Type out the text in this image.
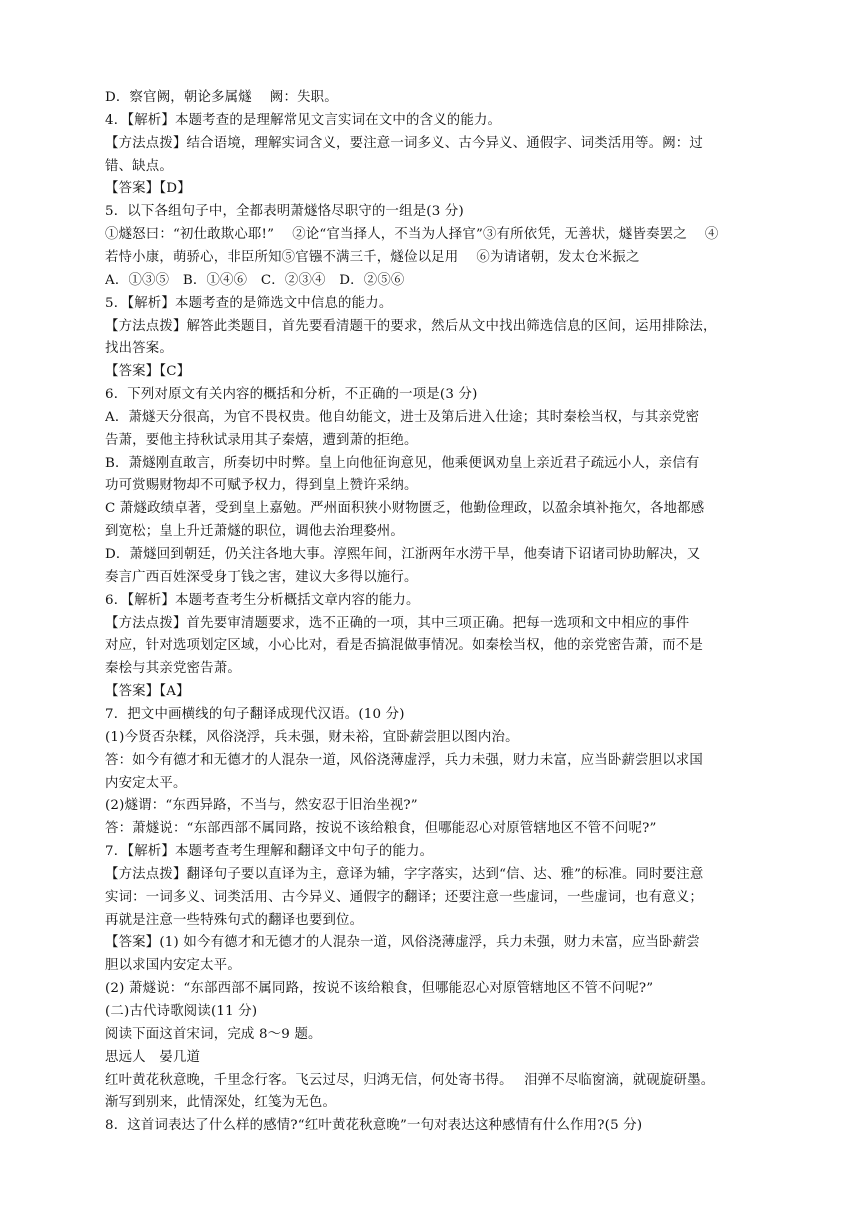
D．察官阙，朝论多属燧　 阙：失职。
4．【解析】本题考查的是理解常见文言实词在文中的含义的能力。
【方法点拨】结合语境，理解实词含义，要注意一词多义、古今异义、通假字、词类活用等。阙：过
错、缺点。
【答案】【D】
5．以下各组句子中，全都表明萧燧恪尽职守的一组是(3 分)
①燧怒曰：“初仕敢欺心耶!”　 ②论“官当择人，不当为人择官”③有所依凭，无善状，燧皆奏罢之　 ④
若恃小康，萌骄心，非臣所知⑤官镪不满三千，燧俭以足用　 ⑥为请诸朝，发太仓米振之
A．①③⑤　B．①④⑥　C．②③④　D．②⑤⑥
5．【解析】本题考查的是筛选文中信息的能力。
【方法点拨】解答此类题目，首先要看清题干的要求，然后从文中找出筛选信息的区间，运用排除法，
找出答案。
【答案】【C】
6．下列对原文有关内容的概括和分析，不正确的一项是(3 分)
A．萧燧天分很高，为官不畏权贵。他自幼能文，进士及第后进入仕途；其时秦桧当权，与其亲党密
告萧，要他主持秋试录用其子秦熺，遭到萧的拒绝。
B．萧燧刚直敢言，所奏切中时弊。皇上向他征询意见，他乘便讽劝皇上亲近君子疏远小人，亲信有
功可赏赐财物却不可赋予权力，得到皇上赞许采纳。
C 萧燧政绩卓著，受到皇上嘉勉。严州面积狭小财物匮乏，他勤俭理政，以盈余填补拖欠，各地都感
到宽松；皇上升迁萧燧的职位，调他去治理婺州。
D．萧燧回到朝廷，仍关注各地大事。淳熙年间，江浙两年水涝干旱，他奏请下诏诸司协助解决，又
奏言广西百姓深受身丁钱之害，建议大多得以施行。
6．【解析】本题考查考生分析概括文章内容的能力。
【方法点拨】首先要审清题要求，选不正确的一项，其中三项正确。把每一选项和文中相应的事件
对应，针对选项划定区域，小心比对，看是否搞混做事情况。如秦桧当权，他的亲党密告萧，而不是
秦桧与其亲党密告萧。
【答案】【A】
7．把文中画横线的句子翻译成现代汉语。(10 分)
(1)今贤否杂糅，风俗浇浮，兵未强，财未裕，宜卧薪尝胆以图内治。
答：如今有德才和无德才的人混杂一道，风俗浇薄虚浮，兵力未强，财力未富，应当卧薪尝胆以求国
内安定太平。
(2)燧谓：“东西异路，不当与，然安忍于旧治坐视?”
答：萧燧说：“东部西部不属同路，按说不该给粮食，但哪能忍心对原管辖地区不管不问呢?”
7．【解析】本题考查考生理解和翻译文中句子的能力。
【方法点拨】翻译句子要以直译为主，意译为辅，字字落实，达到“信、达、雅”的标准。同时要注意
实词：一词多义、词类活用、古今异义、通假字的翻译；还要注意一些虚词，一些虚词，也有意义；
再就是注意一些特殊句式的翻译也要到位。
【答案】(1) 如今有德才和无德才的人混杂一道，风俗浇薄虚浮，兵力未强，财力未富，应当卧薪尝
胆以求国内安定太平。
(2) 萧燧说：“东部西部不属同路，按说不该给粮食，但哪能忍心对原管辖地区不管不问呢?”
(二)古代诗歌阅读(11 分)
阅读下面这首宋词，完成 8～9 题。
思远人　晏几道
红叶黄花秋意晚，千里念行客。飞云过尽，归鸿无信，何处寄书得。　 泪弹不尽临窗滴，就砚旋研墨。
渐写到别来，此情深处，红笺为无色。
8．这首词表达了什么样的感情?“红叶黄花秋意晚”一句对表达这种感情有什么作用?(5 分)
